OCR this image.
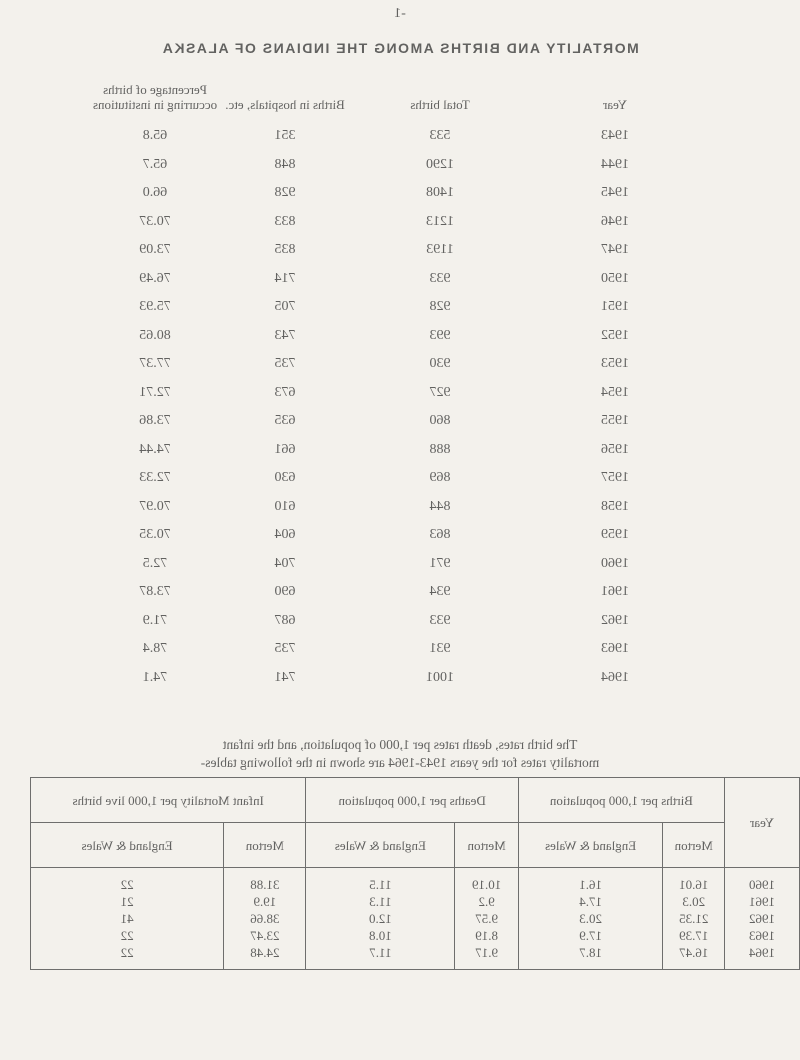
-1
MORTALITY AND BIRTHS AMONG THE INDIANS OF ALASKA
Year	Total births	Births in hospitals, etc.	Percentage of births occurring in institutions
1943	533	351	65.8
1944	1290	848	65.7
1945	1408	928	66.0
1946	1213	833	70.37
1947	1193	835	73.09
1950	933	714	76.49
1951	928	705	75.93
1952	993	743	80.65
1953	930	735	77.37
1954	927	673	72.71
1955	860	635	73.86
1956	888	661	74.44
1957	869	630	72.33
1958	844	610	70.97
1959	863	604	70.35
1960	971	704	72.5
1961	934	690	73.87
1962	933	687	71.9
1963	931	735	78.4
1964	1001	741	74.1
The birth rates, death rates per 1,000 of population, and the infant
mortality rates for the years 1943-1964 are shown in the following tables-
Year	Births per 1,000 population		Deaths per 1,000 population		Infant Mortality per 1,000 live births	
	Merton	England & Wales	Merton	England & Wales	Merton	England & Wales
1960	16.01	16.1	10.19	11.5	31.88	22
1961	20.3	17.4	9.2	11.3	19.9	21
1962	21.35	20.3	9.57	12.0	38.66	41
1963	17.39	17.9	8.19	10.8	23.47	22
1964	16.47	18.7	9.17	11.7	24.48	22
